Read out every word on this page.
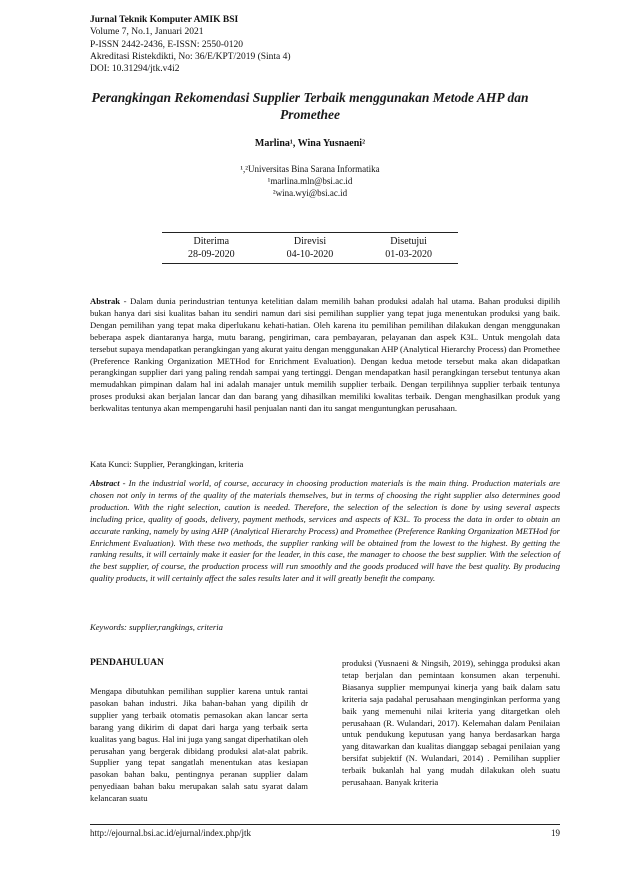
Jurnal Teknik Komputer AMIK BSI
Volume 7, No.1, Januari 2021
P-ISSN 2442-2436, E-ISSN: 2550-0120
Akreditasi Ristekdikti, No: 36/E/KPT/2019 (Sinta 4)
DOI: 10.31294/jtk.v4i2
Perangkingan Rekomendasi Supplier Terbaik menggunakan Metode AHP dan Promethee
Marlina¹, Wina Yusnaeni²
¹,²Universitas Bina Sarana Informatika
¹marlina.mln@bsi.ac.id
²wina.wyi@bsi.ac.id
Diterima
28-09-2020
Direvisi
04-10-2020
Disetujui
01-03-2020
Abstrak - Dalam dunia perindustrian tentunya ketelitian dalam memilih bahan produksi adalah hal utama. Bahan produksi dipilih bukan hanya dari sisi kualitas bahan itu sendiri namun dari sisi pemilihan supplier yang tepat juga menentukan produksi yang baik. Dengan pemilihan yang tepat maka diperlukanu kehati-hatian. Oleh karena itu pemilihan pemilihan dilakukan dengan menggunakan beberapa aspek diantaranya harga, mutu barang, pengiriman, cara pembayaran, pelayanan dan aspek K3L. Untuk mengolah data tersebut supaya mendapatkan perangkingan yang akurat yaitu dengan menggunakan AHP (Analytical Hierarchy Process) dan Promethee (Preference Ranking Organization METHod for Enrichment Evaluation). Dengan kedua metode tersebut maka akan didapatkan perangkingan supplier dari yang paling rendah sampai yang tertinggi. Dengan mendapatkan hasil perangkingan tersebut tentunya akan memudahkan pimpinan dalam hal ini adalah manajer untuk memilih supplier terbaik. Dengan terpilihnya supplier terbaik tentunya proses produksi akan berjalan lancar dan dan barang yang dihasilkan memiliki kwalitas terbaik. Dengan menghasilkan produk yang berkwalitas tentunya akan mempengaruhi hasil penjualan nanti dan itu sangat menguntungkan perusahaan.
Kata Kunci: Supplier, Perangkingan, kriteria
Abstract - In the industrial world, of course, accuracy in choosing production materials is the main thing. Production materials are chosen not only in terms of the quality of the materials themselves, but in terms of choosing the right supplier also determines good production. With the right selection, caution is needed. Therefore, the selection of the selection is done by using several aspects including price, quality of goods, delivery, payment methods, services and aspects of K3L. To process the data in order to obtain an accurate ranking, namely by using AHP (Analytical Hierarchy Process) and Promethee (Preference Ranking Organization METHod for Enrichment Evaluation). With these two methods, the supplier ranking will be obtained from the lowest to the highest. By getting the ranking results, it will certainly make it easier for the leader, in this case, the manager to choose the best supplier. With the selection of the best supplier, of course, the production process will run smoothly and the goods produced will have the best quality. By producing quality products, it will certainly affect the sales results later and it will greatly benefit the company.
Keywords: supplier,rangkings, criteria
PENDAHULUAN
Mengapa dibutuhkan pemilihan supplier karena untuk rantai pasokan bahan industri. Jika bahan-bahan yang dipilih dr supplier yang terbaik otomatis pemasokan akan lancar serta barang yang dikirim di dapat dari harga yang terbaik serta kualitas yang bagus. Hal ini juga yang sangat diperhatikan oleh perusahan yang bergerak dibidang produksi alat-alat pabrik. Supplier yang tepat sangatlah menentukan atas kesiapan pasokan bahan baku, pentingnya peranan supplier dalam penyediaan bahan baku merupakan salah satu syarat dalam kelancaran suatu
produksi (Yusnaeni & Ningsih, 2019), sehingga produksi akan tetap berjalan dan pemintaan konsumen akan terpenuhi. Biasanya supplier mempunyai kinerja yang baik dalam satu kriteria saja padahal perusahaan menginginkan performa yang baik yang memenuhi nilai kriteria yang ditargetkan oleh perusahaan (R. Wulandari, 2017). Kelemahan dalam Penilaian untuk pendukung keputusan yang hanya berdasarkan harga yang ditawarkan dan kualitas dianggap sebagai penilaian yang bersifat subjektif (N. Wulandari, 2014) . Pemilihan supplier terbaik bukanlah hal yang mudah dilakukan oleh suatu perusahaan. Banyak kriteria
http://ejournal.bsi.ac.id/ejurnal/index.php/jtk	19
